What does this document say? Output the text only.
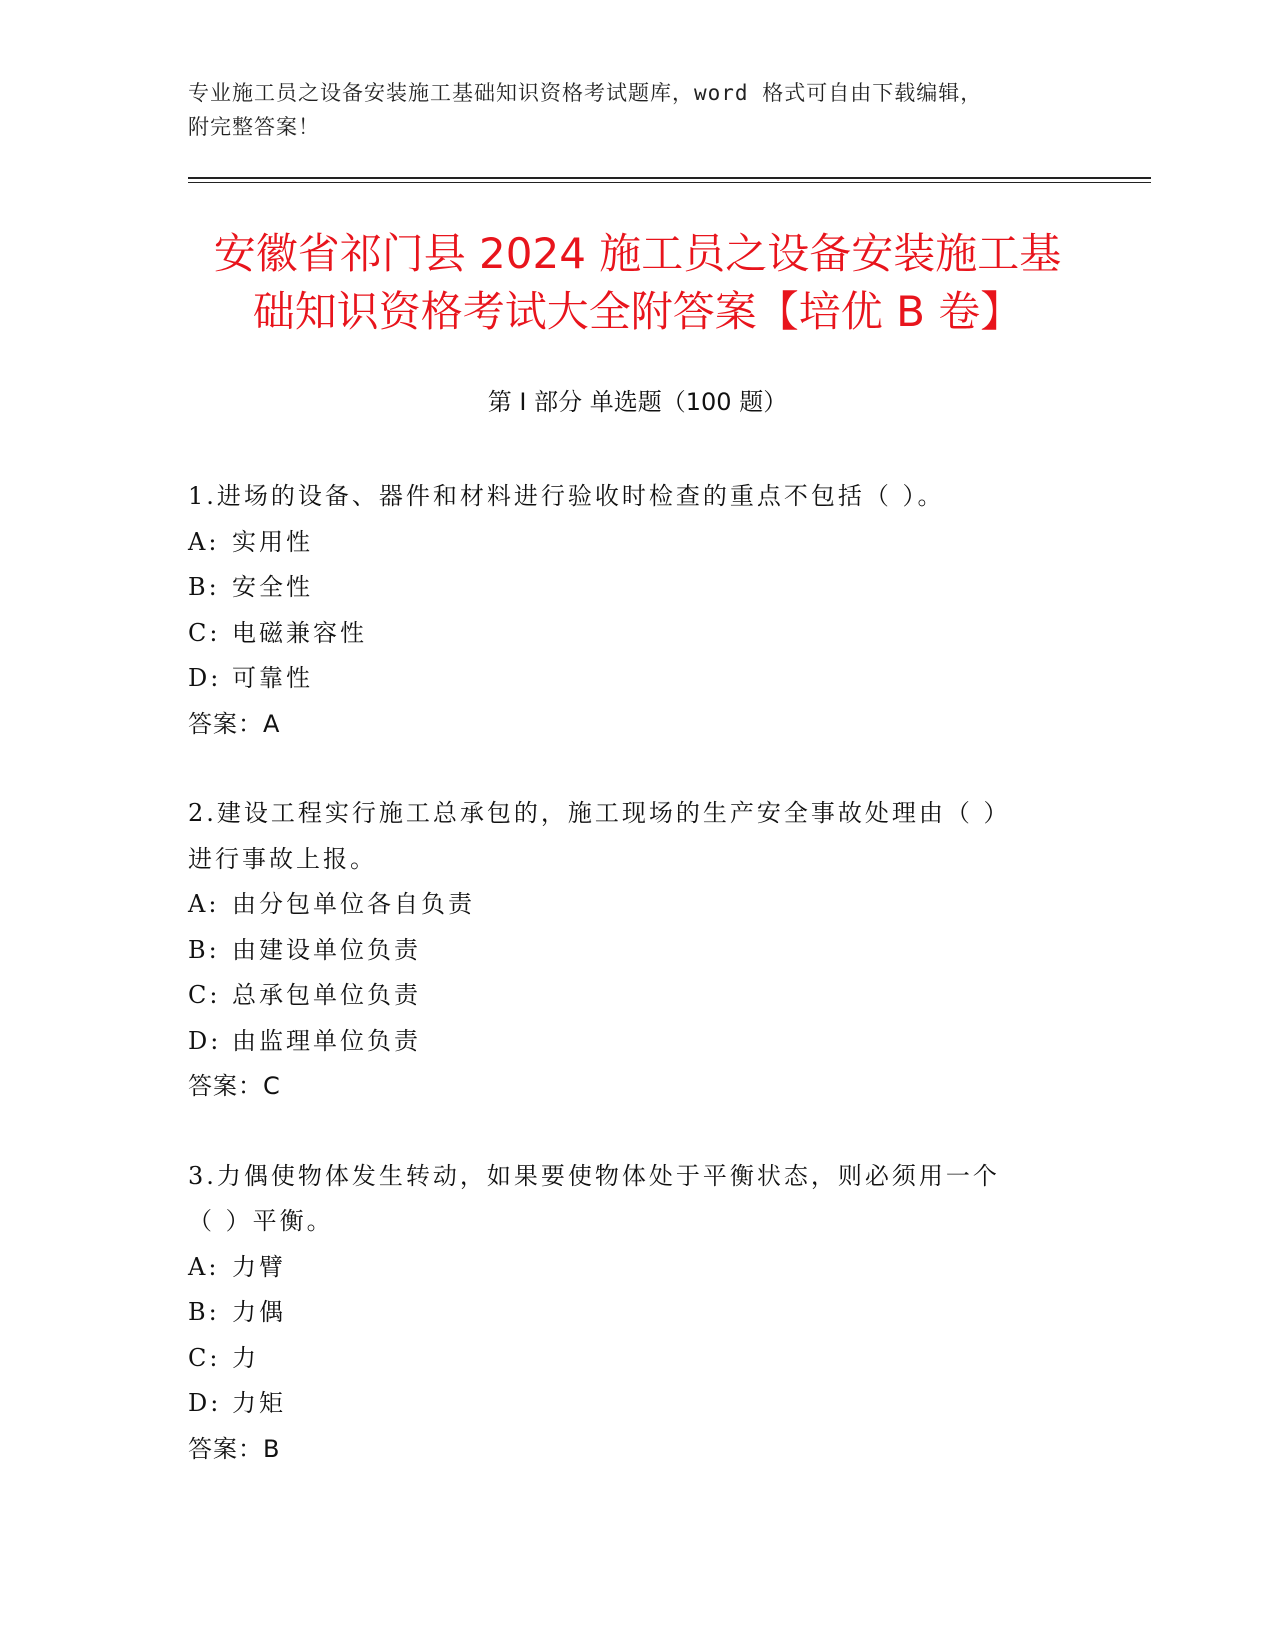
专业施工员之设备安装施工基础知识资格考试题库，word 格式可自由下载编辑，
附完整答案！
安徽省祁门县 2024 施工员之设备安装施工基
础知识资格考试大全附答案【培优 B 卷】
第 I 部分 单选题（100 题）
1.进场的设备、器件和材料进行验收时检查的重点不包括（ ）。
A: 实用性
B: 安全性
C: 电磁兼容性
D: 可靠性
答案：A
2.建设工程实行施工总承包的，施工现场的生产安全事故处理由（ ）
进行事故上报。
A: 由分包单位各自负责
B: 由建设单位负责
C: 总承包单位负责
D: 由监理单位负责
答案：C
3.力偶使物体发生转动，如果要使物体处于平衡状态，则必须用一个
（ ）平衡。
A: 力臂
B: 力偶
C: 力
D: 力矩
答案：B
